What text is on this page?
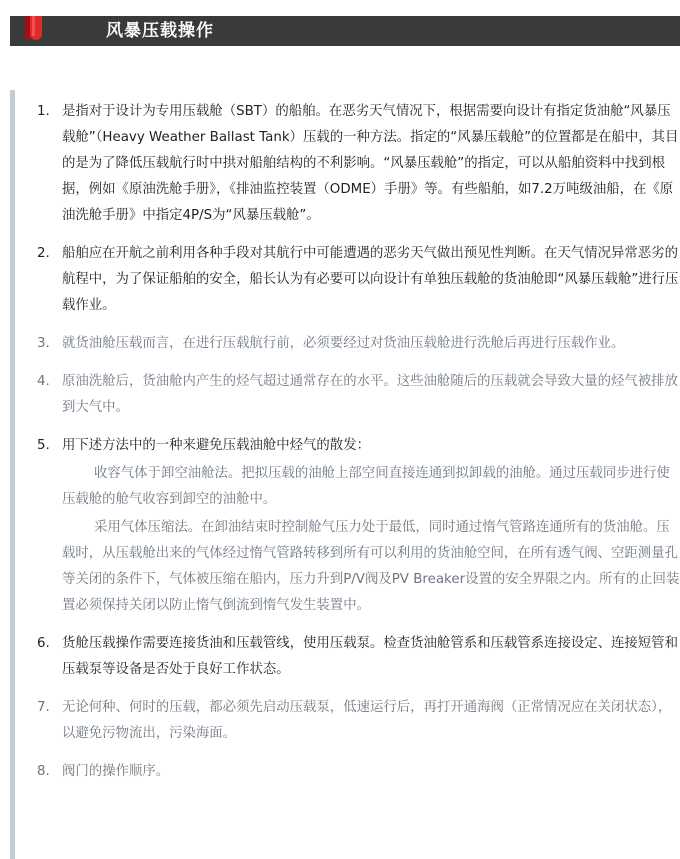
风暴压载操作
1. 是指对于设计为专用压载舱（SBT）的船舶。在恶劣天气情况下，根据需要向设计有指定货油舱“风暴压载舱”（Heavy Weather Ballast Tank）压载的一种方法。指定的“风暴压载舱”的位置都是在船中，其目的是为了降低压载航行时中拱对船舶结构的不利影响。“风暴压载舱”的指定，可以从船舶资料中找到根据，例如《原油洗舱手册》，《排油监控装置（ODME）手册》等。有些船舶，如7.2万吨级油船，在《原油洗舱手册》中指定4P/S为“风暴压载舱”。
2. 船舶应在开航之前利用各种手段对其航行中可能遭遇的恶劣天气做出预见性判断。在天气情况异常恶劣的航程中，为了保证船舶的安全，船长认为有必要可以向设计有单独压载舱的货油舱即“风暴压载舱”进行压载作业。
3. 就货油舱压载而言，在进行压载航行前，必须要经过对货油压载舱进行洗舱后再进行压载作业。
4. 原油洗舱后，货油舱内产生的烃气超过通常存在的水平。这些油舱随后的压载就会导致大量的烃气被排放到大气中。
5. 用下述方法中的一种来避免压载油舱中烃气的散发：
收容气体于卸空油舱法。把拟压载的油舱上部空间直接连通到拟卸载的油舱。通过压载同步进行使压载舱的舱气收容到卸空的油舱中。
采用气体压缩法。在卸油结束时控制舱气压力处于最低，同时通过惰气管路连通所有的货油舱。压载时，从压载舱出来的气体经过惰气管路转移到所有可以利用的货油舱空间，在所有透气阀、空距测量孔等关闭的条件下，气体被压缩在船内，压力升到P/V阀及PV Breaker设置的安全界限之内。所有的止回装置必须保持关闭以防止惰气倒流到惰气发生装置中。
6. 货舱压载操作需要连接货油和压载管线，使用压载泵。检查货油舱管系和压载管系连接设定、连接短管和压载泵等设备是否处于良好工作状态。
7. 无论何种、何时的压载，都必须先启动压载泵，低速运行后，再打开通海阀（正常情况应在关闭状态），以避免污物流出，污染海面。
8. 阀门的操作顺序。
